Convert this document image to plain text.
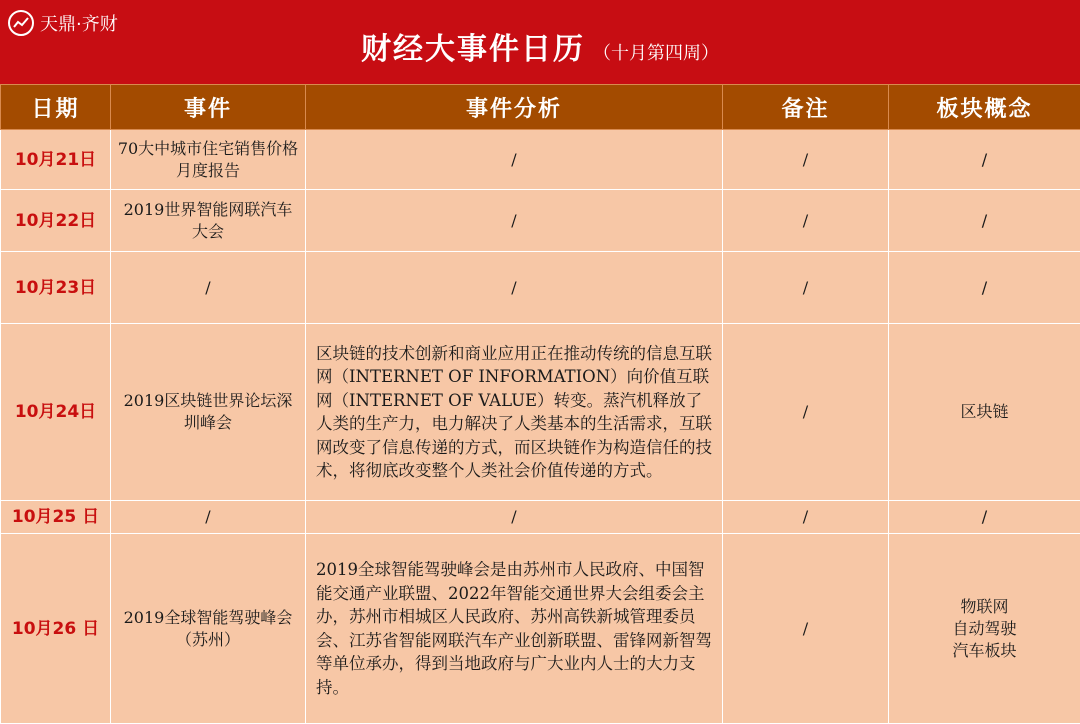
天鼎·齐财
财经大事件日历 （十月第四周）
日期	事件	事件分析	备注	板块概念
10月21日	70大中城市住宅销售价格月度报告	/	/	/

10月22日	2019世界智能网联汽车大会	/	/	/

10月23日	/	/	/	/

10月24日	2019区块链世界论坛深圳峰会	区块链的技术创新和商业应用正在推动传统的信息互联网（INTERNET OF INFORMATION）向价值互联网（INTERNET OF VALUE）转变。蒸汽机释放了人类的生产力，电力解决了人类基本的生活需求，互联网改变了信息传递的方式，而区块链作为构造信任的技术，将彻底改变整个人类社会价值传递的方式。	/	区块链

10月25 日	/	/	/	/

10月26 日	2019全球智能驾驶峰会（苏州）	2019全球智能驾驶峰会是由苏州市人民政府、中国智能交通产业联盟、2022年智能交通世界大会组委会主办，苏州市相城区人民政府、苏州高铁新城管理委员会、江苏省智能网联汽车产业创新联盟、雷锋网新智驾等单位承办，得到当地政府与广大业内人士的大力支持。	/	物联网
自动驾驶
汽车板块
